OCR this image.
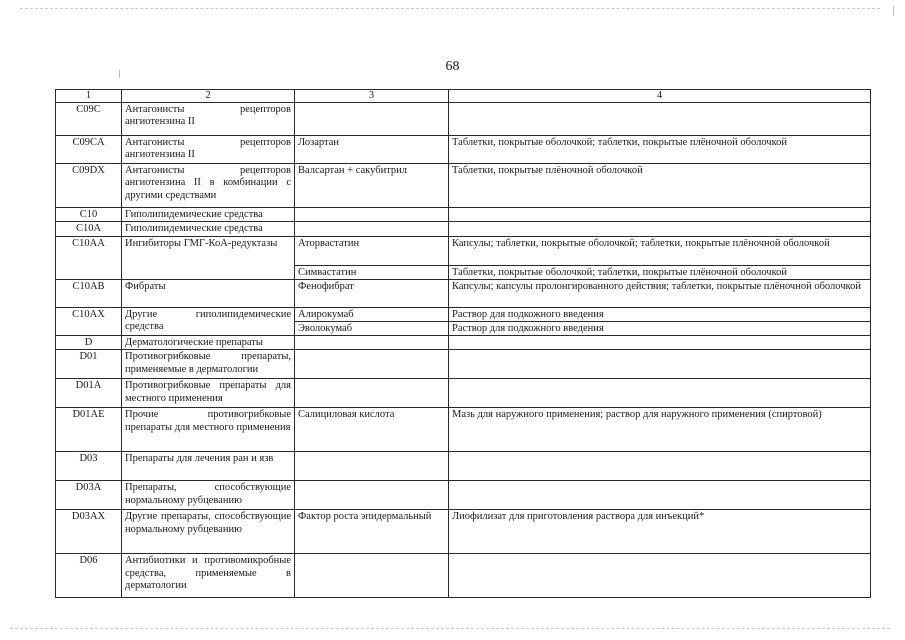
68
1	2	3	4
C09C	Антагонисты рецепторов ангиотензина II		
C09CA	Антагонисты рецепторов ангиотензина II	Лозартан	Таблетки, покрытые оболочкой; таблетки, покрытые плёночной оболочкой
C09DX	Антагонисты рецепторов ангиотензина II в комбинации с другими средствами	Валсартан + сакубитрил	Таблетки, покрытые плёночной оболочкой
C10	Гиполипидемические средства		
C10A	Гиполипидемические средства		
C10AA	Ингибиторы ГМГ-КоА-редуктазы	Аторвастатин	Капсулы; таблетки, покрытые оболочкой; таблетки, покрытые плёночной оболочкой
		Симвастатин	Таблетки, покрытые оболочкой; таблетки, покрытые плёночной оболочкой
C10AB	Фибраты	Фенофибрат	Капсулы; капсулы пролонгированного действия; таблетки, покрытые плёночной оболочкой
C10AX	Другие гиполипидемические средства	Алирокумаб	Раствор для подкожного введения
		Эволокумаб	Раствор для подкожного введения
D	Дерматологические препараты		
D01	Противогрибковые препараты, применяемые в дерматологии		
D01A	Противогрибковые препараты для местного применения		
D01AE	Прочие противогрибковые препараты для местного применения	Салициловая кислота	Мазь для наружного применения; раствор для наружного применения (спиртовой)
D03	Препараты для лечения ран и язв		
D03A	Препараты, способствующие нормальному рубцеванию		
D03AX	Другие препараты, способствующие нормальному рубцеванию	Фактор роста эпидермальный	Лиофилизат для приготовления раствора для инъекций*
D06	Антибиотики и противомикробные средства, применяемые в дерматологии		
